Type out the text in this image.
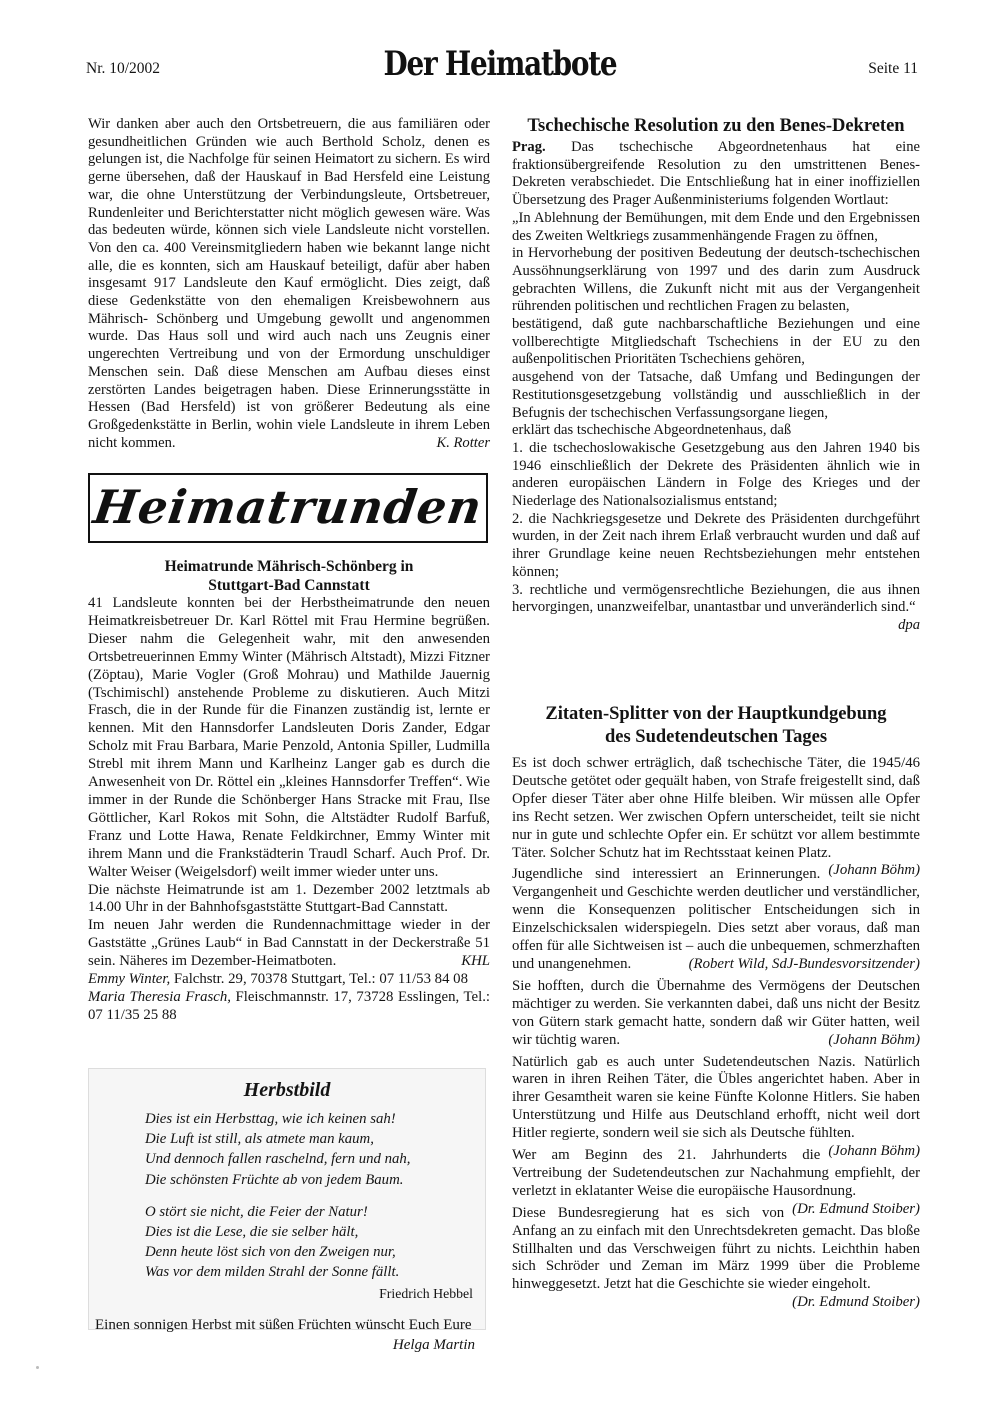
Nr. 10/2002	Der Heimatbote	Seite 11

Wir danken aber auch den Ortsbetreuern, die aus familiären oder gesundheitlichen Gründen wie auch Berthold Scholz, denen es gelungen ist, die Nachfolge für seinen Heimatort zu sichern. Es wird gerne übersehen, daß der Hauskauf in Bad Hersfeld eine Leistung war, die ohne Unterstützung der Verbindungsleute, Ortsbetreuer, Rundenleiter und Berichterstatter nicht möglich gewesen wäre. Was das bedeuten würde, können sich viele Landsleute nicht vorstellen. Von den ca. 400 Vereinsmitgliedern haben wie bekannt lange nicht alle, die es konnten, sich am Hauskauf beteiligt, dafür aber haben insgesamt 917 Landsleute den Kauf ermöglicht. Dies zeigt, daß diese Gedenkstätte von den ehemaligen Kreisbewohnern aus Mährisch- Schönberg und Umgebung gewollt und angenommen wurde. Das Haus soll und wird auch nach uns Zeugnis einer ungerechten Vertreibung und von der Ermordung unschuldiger Menschen sein. Daß diese Menschen am Aufbau dieses einst zerstörten Landes beigetragen haben. Diese Erinnerungsstätte in Hessen (Bad Hersfeld) ist von größerer Bedeutung als eine Großgedenkstätte in Berlin, wohin viele Landsleute in ihrem Leben nicht kommen.	K. Rotter

Heimatrunden
Heimatrunde Mährisch-Schönberg in
Stuttgart-Bad Cannstatt

41 Landsleute konnten bei der Herbstheimatrunde den neuen Heimatkreisbetreuer Dr. Karl Röttel mit Frau Hermine begrüßen. Dieser nahm die Gelegenheit wahr, mit den anwesenden Ortsbetreuerinnen Emmy Winter (Mährisch Altstadt), Mizzi Fitzner (Zöptau), Marie Vogler (Groß Mohrau) und Mathilde Jauernig (Tschimischl) anstehende Probleme zu diskutieren. Auch Mitzi Frasch, die in der Runde für die Finanzen zuständig ist, lernte er kennen. Mit den Hannsdorfer Landsleuten Doris Zander, Edgar Scholz mit Frau Barbara, Marie Penzold, Antonia Spiller, Ludmilla Strebl mit ihrem Mann und Karlheinz Langer gab es durch die Anwesenheit von Dr. Röttel ein „kleines Hannsdorfer Treffen“. Wie immer in der Runde die Schönberger Hans Stracke mit Frau, Ilse Göttlicher, Karl Rokos mit Sohn, die Altstädter Rudolf Barfuß, Franz und Lotte Hawa, Renate Feldkirchner, Emmy Winter mit ihrem Mann und die Frankstädterin Traudl Scharf. Auch Prof. Dr. Walter Weiser (Weigelsdorf) weilt immer wieder unter uns.

Die nächste Heimatrunde ist am 1. Dezember 2002 letztmals ab 14.00 Uhr in der Bahnhofsgaststätte Stuttgart-Bad Cannstatt.

Im neuen Jahr werden die Rundennachmittage wieder in der Gaststätte „Grünes Laub“ in Bad Cannstatt in der Deckerstraße 51 sein. Näheres im Dezember-Heimatboten.	KHL

Emmy Winter, Falchstr. 29, 70378 Stuttgart, Tel.: 07 11/53 84 08

Maria Theresia Frasch, Fleischmannstr. 17, 73728 Esslingen, Tel.: 07 11/35 25 88

Herbstbild
Dies ist ein Herbsttag, wie ich keinen sah!
Die Luft ist still, als atmete man kaum,
Und dennoch fallen raschelnd, fern und nah,
Die schönsten Früchte ab von jedem Baum.
O stört sie nicht, die Feier der Natur!
Dies ist die Lese, die sie selber hält,
Denn heute löst sich von den Zweigen nur,
Was vor dem milden Strahl der Sonne fällt.
Friedrich Hebbel
Einen sonnigen Herbst mit süßen Früchten wünscht Euch Eure
Helga Martin
Tschechische Resolution zu den Benes-Dekreten

Prag. Das tschechische Abgeordnetenhaus hat eine fraktionsübergreifende Resolution zu den umstrittenen Benes-Dekreten verabschiedet. Die Entschließung hat in einer inoffiziellen Übersetzung des Prager Außenministeriums folgenden Wortlaut:

„In Ablehnung der Bemühungen, mit dem Ende und den Ergebnissen des Zweiten Weltkriegs zusammenhängende Fragen zu öffnen,

in Hervorhebung der positiven Bedeutung der deutsch-tschechischen Aussöhnungserklärung von 1997 und des darin zum Ausdruck gebrachten Willens, die Zukunft nicht mit aus der Vergangenheit rührenden politischen und rechtlichen Fragen zu belasten,

bestätigend, daß gute nachbarschaftliche Beziehungen und eine vollberechtigte Mitgliedschaft Tschechiens in der EU zu den außenpolitischen Prioritäten Tschechiens gehören,

ausgehend von der Tatsache, daß Umfang und Bedingungen der Restitutionsgesetzgebung vollständig und ausschließlich in der Befugnis der tschechischen Verfassungsorgane liegen,

erklärt das tschechische Abgeordnetenhaus, daß

1. die tschechoslowakische Gesetzgebung aus den Jahren 1940 bis 1946 einschließlich der Dekrete des Präsidenten ähnlich wie in anderen europäischen Ländern in Folge des Krieges und der Niederlage des Nationalsozialismus entstand;

2. die Nachkriegsgesetze und Dekrete des Präsidenten durchgeführt wurden, in der Zeit nach ihrem Erlaß verbraucht wurden und daß auf ihrer Grundlage keine neuen Rechtsbeziehungen mehr entstehen können;

3. rechtliche und vermögensrechtliche Beziehungen, die aus ihnen hervorgingen, unanzweifelbar, unantastbar und unveränderlich sind.“
dpa

Zitaten-Splitter von der Hauptkundgebung
des Sudetendeutschen Tages

Es ist doch schwer erträglich, daß tschechische Täter, die 1945/46 Deutsche getötet oder gequält haben, von Strafe freigestellt sind, daß Opfer dieser Täter aber ohne Hilfe bleiben. Wir müssen alle Opfer ins Recht setzen. Wer zwischen Opfern unterscheidet, teilt sie nicht nur in gute und schlechte Opfer ein. Er schützt vor allem bestimmte Täter. Solcher Schutz hat im Rechtsstaat keinen Platz.
(Johann Böhm)

Jugendliche sind interessiert an Erinnerungen. Vergangenheit und Geschichte werden deutlicher und verständlicher, wenn die Konsequenzen politischer Entscheidungen sich in Einzelschicksalen widerspiegeln. Dies setzt aber voraus, daß man offen für alle Sichtweisen ist – auch die unbequemen, schmerzhaften und unangenehmen.	(Robert Wild, SdJ-Bundesvorsitzender)

Sie hofften, durch die Übernahme des Vermögens der Deutschen mächtiger zu werden. Sie verkannten dabei, daß uns nicht der Besitz von Gütern stark gemacht hatte, sondern daß wir Güter hatten, weil wir tüchtig waren.	(Johann Böhm)

Natürlich gab es auch unter Sudetendeutschen Nazis. Natürlich waren in ihren Reihen Täter, die Übles angerichtet haben. Aber in ihrer Gesamtheit waren sie keine Fünfte Kolonne Hitlers. Sie haben Unterstützung und Hilfe aus Deutschland erhofft, nicht weil dort Hitler regierte, sondern weil sie sich als Deutsche fühlten.
(Johann Böhm)

Wer am Beginn des 21. Jahrhunderts die Vertreibung der Sudetendeutschen zur Nachahmung empfiehlt, der verletzt in eklatanter Weise die europäische Hausordnung.
(Dr. Edmund Stoiber)

Diese Bundesregierung hat es sich von Anfang an zu einfach mit den Unrechtsdekreten gemacht. Das bloße Stillhalten und das Verschweigen führt zu nichts. Leichthin haben sich Schröder und Zeman im März 1999 über die Probleme hinweggesetzt. Jetzt hat die Geschichte sie wieder eingeholt.
(Dr. Edmund Stoiber)
